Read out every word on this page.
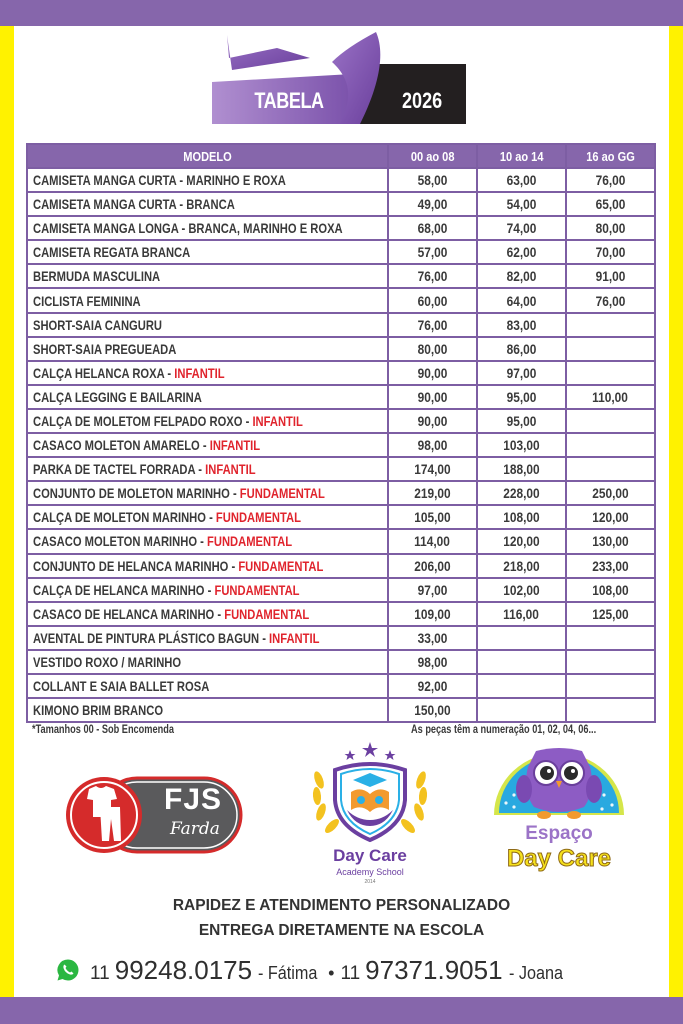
TABELA	2026
MODELO	00 ao 08	10 ao 14	16 ao GG
CAMISETA MANGA CURTA - MARINHO E ROXA	58,00	63,00	76,00
CAMISETA MANGA CURTA - BRANCA	49,00	54,00	65,00
CAMISETA MANGA LONGA - BRANCA, MARINHO E ROXA	68,00	74,00	80,00
CAMISETA REGATA BRANCA	57,00	62,00	70,00
BERMUDA MASCULINA	76,00	82,00	91,00
CICLISTA FEMININA	60,00	64,00	76,00
SHORT-SAIA CANGURU	76,00	83,00	
SHORT-SAIA PREGUEADA	80,00	86,00	
CALÇA HELANCA ROXA - INFANTIL	90,00	97,00	
CALÇA LEGGING E BAILARINA	90,00	95,00	110,00
CALÇA DE MOLETOM FELPADO ROXO - INFANTIL	90,00	95,00	
CASACO MOLETON AMARELO - INFANTIL	98,00	103,00	
PARKA DE TACTEL FORRADA - INFANTIL	174,00	188,00	
CONJUNTO DE MOLETON MARINHO - FUNDAMENTAL	219,00	228,00	250,00
CALÇA DE MOLETON MARINHO - FUNDAMENTAL	105,00	108,00	120,00
CASACO MOLETON MARINHO - FUNDAMENTAL	114,00	120,00	130,00
CONJUNTO DE HELANCA MARINHO - FUNDAMENTAL	206,00	218,00	233,00
CALÇA DE HELANCA MARINHO - FUNDAMENTAL	97,00	102,00	108,00
CASACO DE HELANCA MARINHO - FUNDAMENTAL	109,00	116,00	125,00
AVENTAL DE PINTURA PLÁSTICO BAGUN - INFANTIL	33,00		
VESTIDO ROXO / MARINHO	98,00		
COLLANT E SAIA BALLET ROSA	92,00		
KIMONO BRIM BRANCO	150,00		
*Tamanhos 00 - Sob Encomenda	As peças têm a numeração 01, 02, 04, 06...
FJS
Farda
Day Care
Academy School
2014
Espaço
Day Care
RAPIDEZ E ATENDIMENTO PERSONALIZADO
ENTREGA DIRETAMENTE NA ESCOLA
11 99248.0175 - Fátima • 11 97371.9051 - Joana
